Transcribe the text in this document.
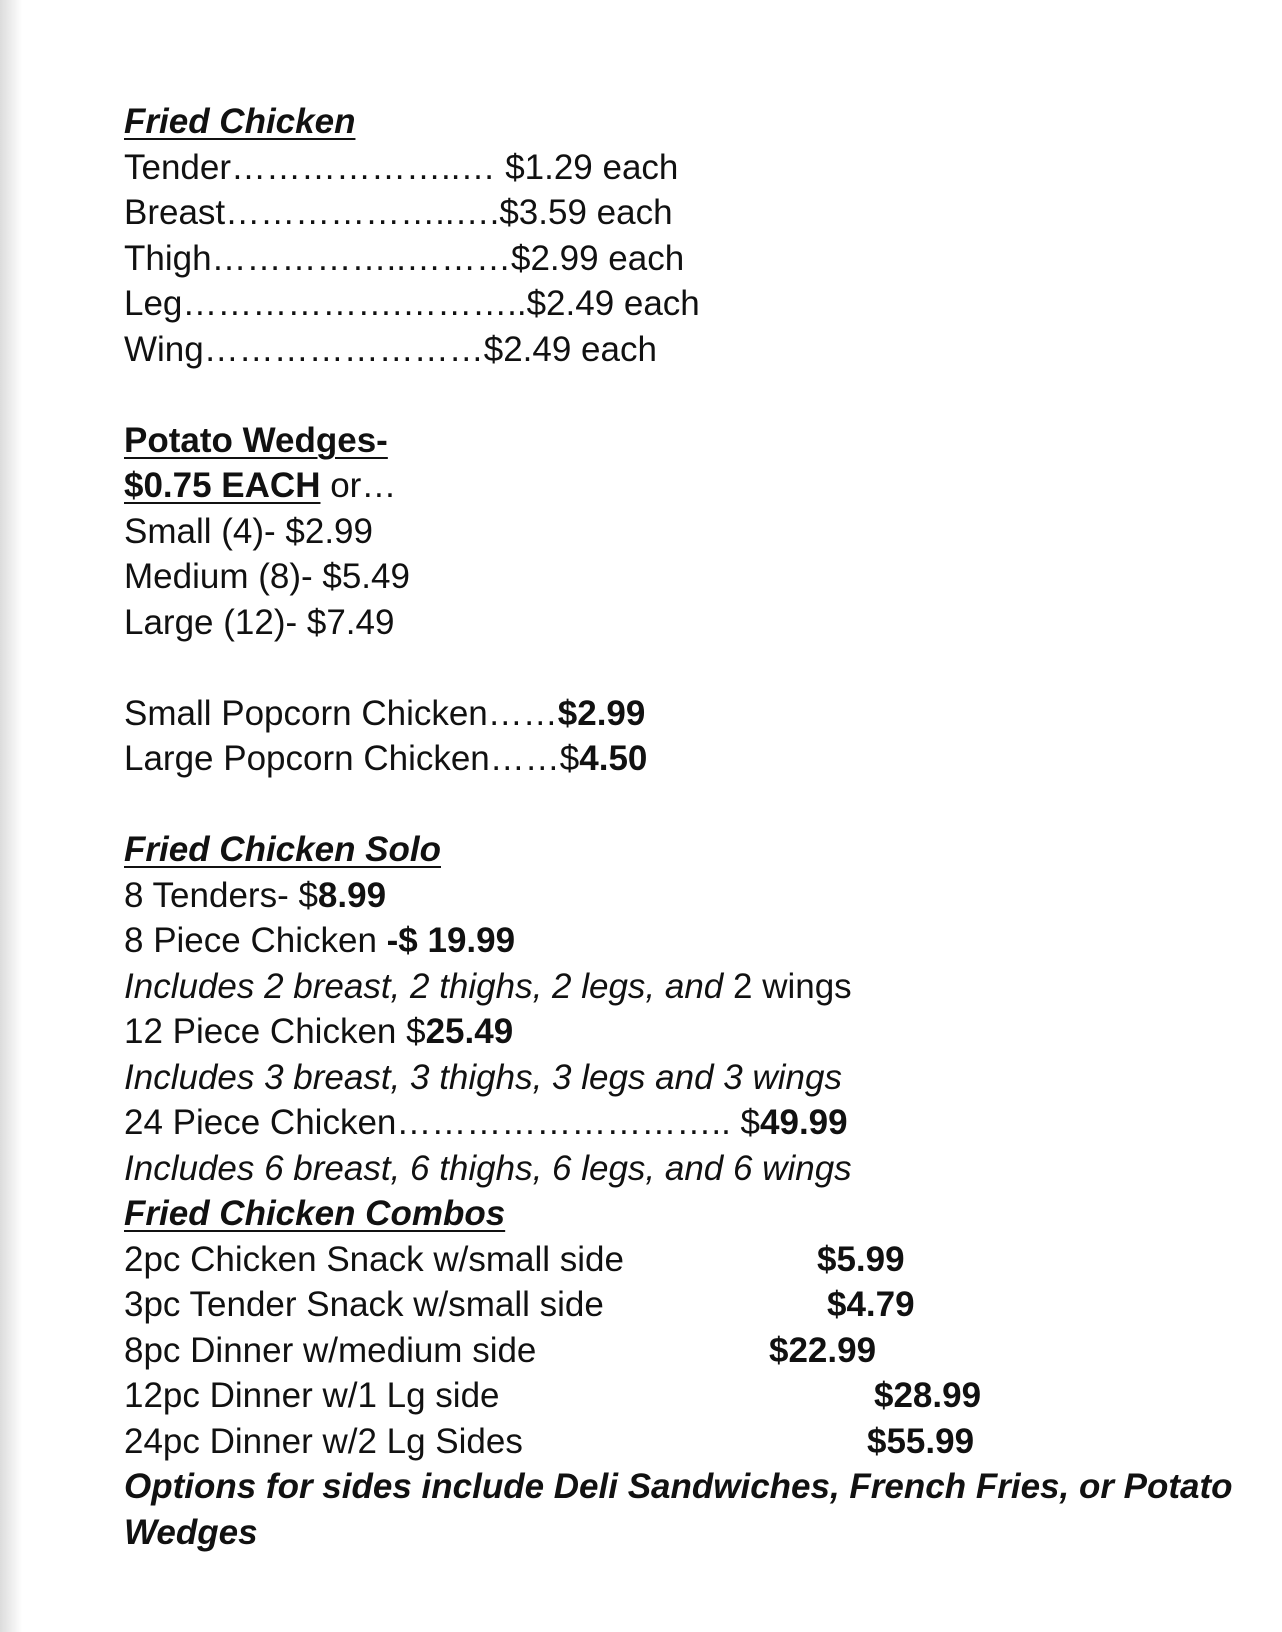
Fried Chicken
Tender………………..… $1.29 each
Breast………………..….$3.59 each
Thigh……………..………$2.99 each
Leg……………….………..$2.49 each
Wing……………………$2.49 each
Potato Wedges-
$0.75 EACH or…
Small (4)- $2.99
Medium (8)- $5.49
Large (12)- $7.49
Small Popcorn Chicken……$2.99
Large Popcorn Chicken……$4.50
Fried Chicken Solo
8 Tenders- $8.99
8 Piece Chicken -$ 19.99
Includes 2 breast, 2 thighs, 2 legs, and 2 wings
12 Piece Chicken $25.49
Includes 3 breast, 3 thighs, 3 legs and 3 wings
24 Piece Chicken……………………….. $49.99
Includes 6 breast, 6 thighs, 6 legs, and 6 wings
Fried Chicken Combos
2pc Chicken Snack w/small side	$5.99
3pc Tender Snack w/small side	$4.79
8pc Dinner w/medium side	$22.99
12pc Dinner w/1 Lg side	$28.99
24pc Dinner w/2 Lg Sides	$55.99
Options for sides include Deli Sandwiches, French Fries, or Potato Wedges
